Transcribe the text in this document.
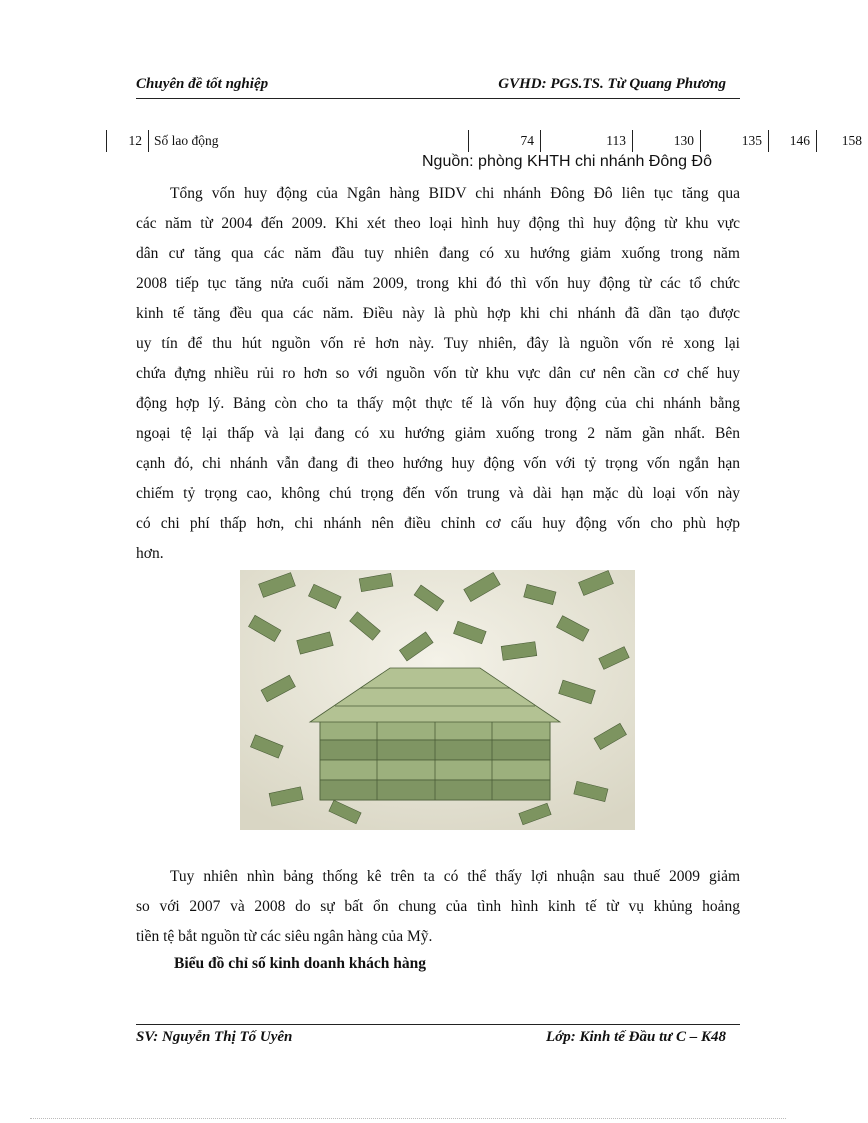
Chuyên đề tốt nghiệp	GVHD: PGS.TS. Từ Quang Phương
12 Số lao động	74	113	130	135	146	158
Nguồn: phòng KHTH chi nhánh Đông Đô
Tổng vốn huy động của Ngân hàng BIDV chi nhánh Đông Đô liên tục tăng qua
các năm từ 2004 đến 2009. Khi xét theo loại hình huy động thì huy động từ khu vực
dân cư tăng qua các năm đầu tuy nhiên đang có xu hướng giảm xuống trong năm
2008 tiếp tục tăng nửa cuối năm 2009, trong khi đó thì vốn huy động từ các tổ chức
kinh tế tăng đều qua các năm. Điều này là phù hợp khi chi nhánh đã dần tạo được
uy tín để thu hút nguồn vốn rẻ hơn này. Tuy nhiên, đây là nguồn vốn rẻ xong lại
chứa đựng nhiều rủi ro hơn so với nguồn vốn từ khu vực dân cư nên cần cơ chế huy
động hợp lý. Bảng còn cho ta thấy một thực tế là vốn huy động của chi nhánh bằng
ngoại tệ lại thấp và lại đang có xu hướng giảm xuống trong 2 năm gần nhất. Bên
cạnh đó, chi nhánh vẫn đang đi theo hướng huy động vốn với tỷ trọng vốn ngắn hạn
chiếm tỷ trọng cao, không chú trọng đến vốn trung và dài hạn mặc dù loại vốn này
có chi phí thấp hơn, chi nhánh nên điều chỉnh cơ cấu huy động vốn cho phù hợp
hơn.
Tuy nhiên nhìn bảng thống kê trên ta có thể thấy lợi nhuận sau thuế 2009 giảm
so với 2007 và 2008 do sự bất ổn chung của tình hình kinh tế từ vụ khủng hoảng
tiền tệ bắt nguồn từ các siêu ngân hàng của Mỹ.
Biểu đồ chỉ số kinh doanh khách hàng
SV: Nguyễn Thị Tố Uyên	Lớp: Kinh tế Đầu tư C – K48
